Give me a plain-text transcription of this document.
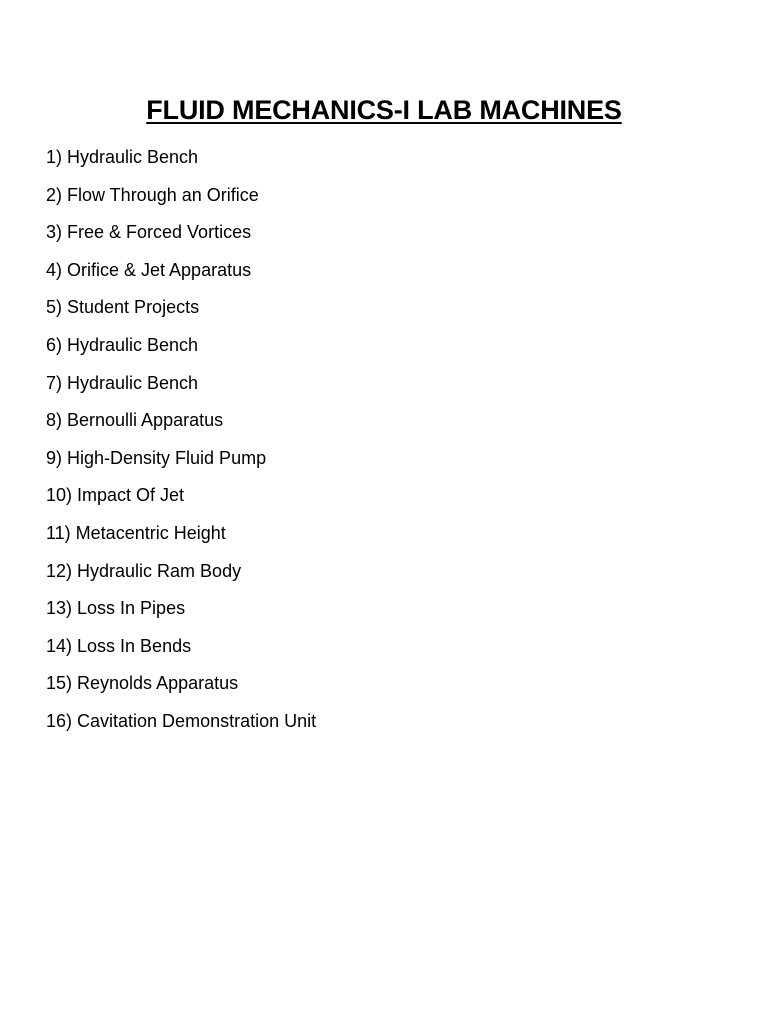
FLUID MECHANICS-I LAB MACHINES
1) Hydraulic Bench
2) Flow Through an Orifice
3) Free & Forced Vortices
4) Orifice & Jet Apparatus
5) Student Projects
6) Hydraulic Bench
7) Hydraulic Bench
8) Bernoulli Apparatus
9) High-Density Fluid Pump
10) Impact Of Jet
11) Metacentric Height
12) Hydraulic Ram Body
13) Loss In Pipes
14) Loss In Bends
15) Reynolds Apparatus
16) Cavitation Demonstration Unit
